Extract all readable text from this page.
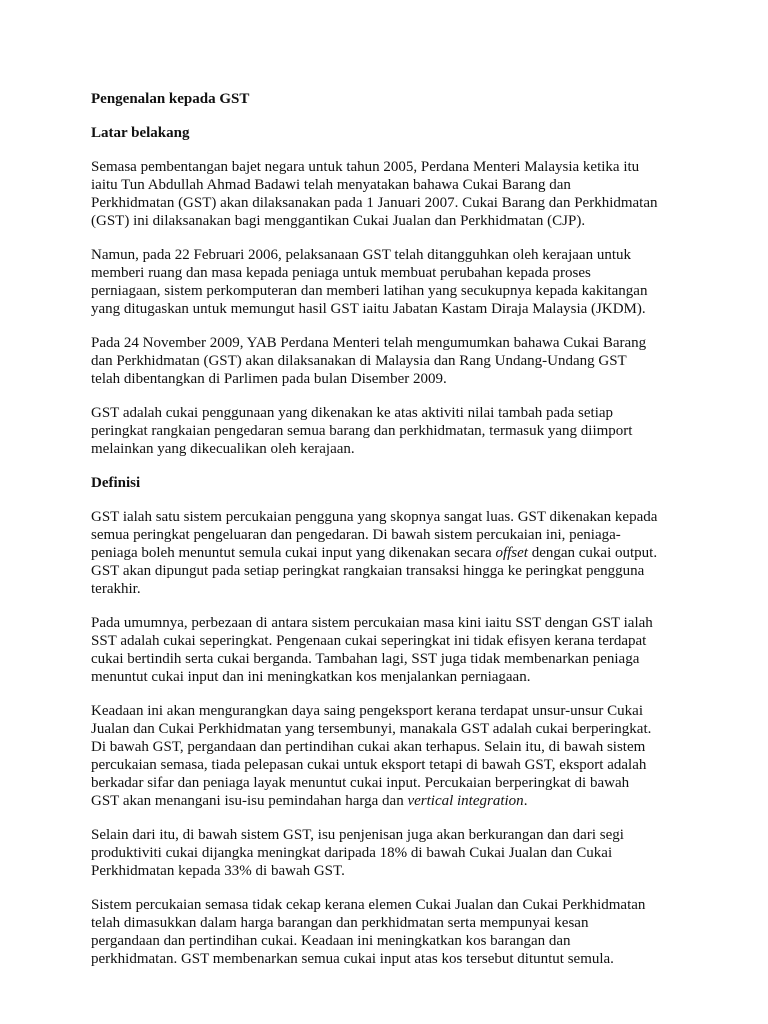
Pengenalan kepada GST

Latar belakang

Semasa pembentangan bajet negara untuk tahun 2005, Perdana Menteri Malaysia ketika itu
iaitu Tun Abdullah Ahmad Badawi telah menyatakan bahawa Cukai Barang dan
Perkhidmatan (GST) akan dilaksanakan pada 1 Januari 2007. Cukai Barang dan Perkhidmatan
(GST) ini dilaksanakan bagi menggantikan Cukai Jualan dan Perkhidmatan (CJP).

Namun, pada 22 Februari 2006, pelaksanaan GST telah ditangguhkan oleh kerajaan untuk
memberi ruang dan masa kepada peniaga untuk membuat perubahan kepada proses
perniagaan, sistem perkomputeran dan memberi latihan yang secukupnya kepada kakitangan
yang ditugaskan untuk memungut hasil GST iaitu Jabatan Kastam Diraja Malaysia (JKDM).

Pada 24 November 2009, YAB Perdana Menteri telah mengumumkan bahawa Cukai Barang
dan Perkhidmatan (GST) akan dilaksanakan di Malaysia dan Rang Undang-Undang GST
telah dibentangkan di Parlimen pada bulan Disember 2009.

GST adalah cukai penggunaan yang dikenakan ke atas aktiviti nilai tambah pada setiap
peringkat rangkaian pengedaran semua barang dan perkhidmatan, termasuk yang diimport
melainkan yang dikecualikan oleh kerajaan.

Definisi

GST ialah satu sistem percukaian pengguna yang skopnya sangat luas. GST dikenakan kepada
semua peringkat pengeluaran dan pengedaran. Di bawah sistem percukaian ini, peniaga-
peniaga boleh menuntut semula cukai input yang dikenakan secara offset dengan cukai output.
GST akan dipungut pada setiap peringkat rangkaian transaksi hingga ke peringkat pengguna
terakhir.

Pada umumnya, perbezaan di antara sistem percukaian masa kini iaitu SST dengan GST ialah
SST adalah cukai seperingkat. Pengenaan cukai seperingkat ini tidak efisyen kerana terdapat
cukai bertindih serta cukai berganda. Tambahan lagi, SST juga tidak membenarkan peniaga
menuntut cukai input dan ini meningkatkan kos menjalankan perniagaan.

Keadaan ini akan mengurangkan daya saing pengeksport kerana terdapat unsur-unsur Cukai
Jualan dan Cukai Perkhidmatan yang tersembunyi, manakala GST adalah cukai berperingkat.
Di bawah GST, pergandaan dan pertindihan cukai akan terhapus. Selain itu, di bawah sistem
percukaian semasa, tiada pelepasan cukai untuk eksport tetapi di bawah GST, eksport adalah
berkadar sifar dan peniaga layak menuntut cukai input. Percukaian berperingkat di bawah
GST akan menangani isu-isu pemindahan harga dan vertical integration.

Selain dari itu, di bawah sistem GST, isu penjenisan juga akan berkurangan dan dari segi
produktiviti cukai dijangka meningkat daripada 18% di bawah Cukai Jualan dan Cukai
Perkhidmatan kepada 33% di bawah GST.

Sistem percukaian semasa tidak cekap kerana elemen Cukai Jualan dan Cukai Perkhidmatan
telah dimasukkan dalam harga barangan dan perkhidmatan serta mempunyai kesan
pergandaan dan pertindihan cukai. Keadaan ini meningkatkan kos barangan dan
perkhidmatan. GST membenarkan semua cukai input atas kos tersebut dituntut semula.
